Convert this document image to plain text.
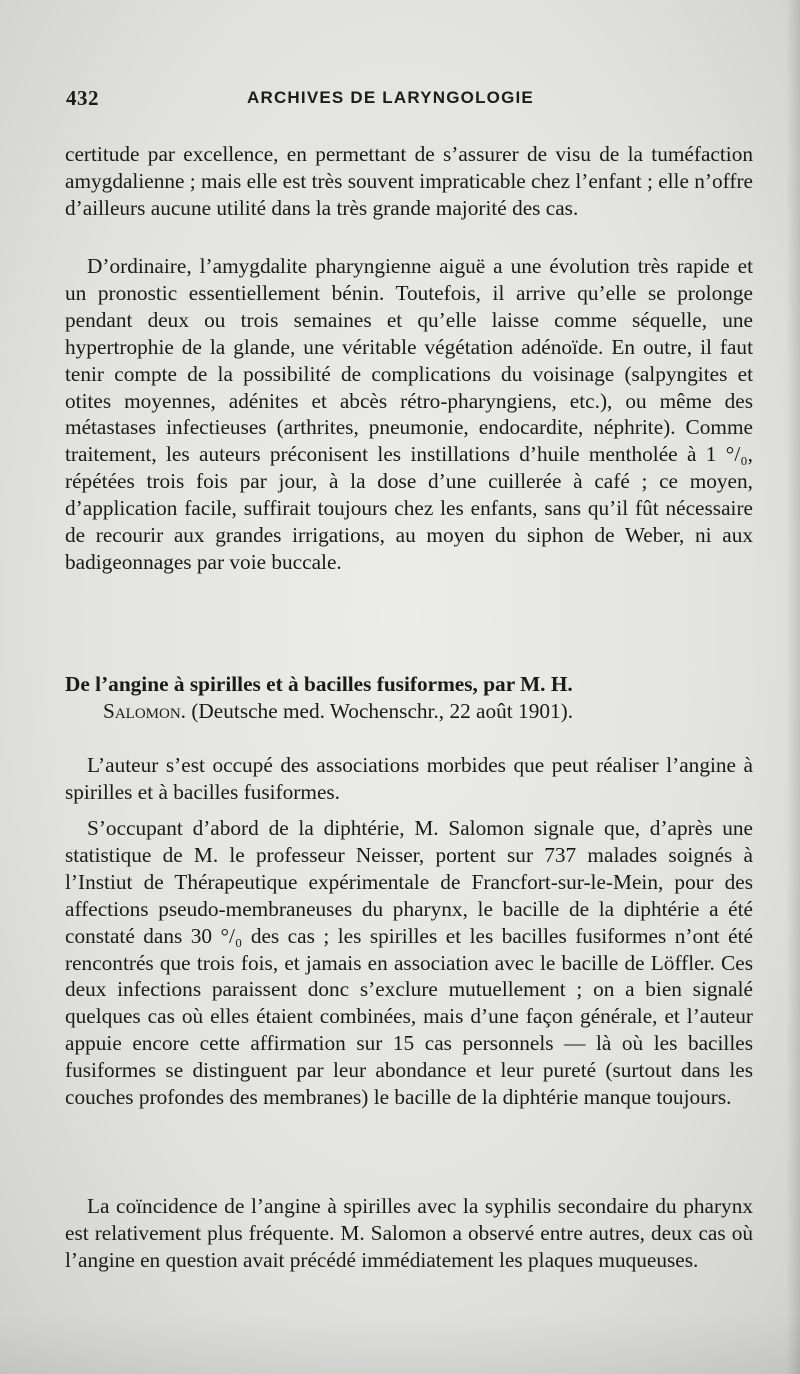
432	ARCHIVES DE LARYNGOLOGIE

certitude par excellence, en permettant de s’assurer de visu de la tuméfaction amygdalienne ; mais elle est très souvent impraticable chez l’enfant ; elle n’offre d’ailleurs aucune utilité dans la très grande majorité des cas.

D’ordinaire, l’amygdalite pharyngienne aiguë a une évolution très rapide et un pronostic essentiellement bénin. Toutefois, il arrive qu’elle se prolonge pendant deux ou trois semaines et qu’elle laisse comme séquelle, une hypertrophie de la glande, une véritable végétation adénoïde. En outre, il faut tenir compte de la possibilité de complications du voisinage (salpyngites et otites moyennes, adénites et abcès rétro-pharyngiens, etc.), ou même des métastases infectieuses (arthrites, pneumonie, endocardite, néphrite). Comme traitement, les auteurs préconisent les instillations d’huile mentholée à 1 °/₀, répétées trois fois par jour, à la dose d’une cuillerée à café ; ce moyen, d’application facile, suffirait toujours chez les enfants, sans qu’il fût nécessaire de recourir aux grandes irrigations, au moyen du siphon de Weber, ni aux badigeonnages par voie buccale.

De l’angine à spirilles et à bacilles fusiformes, par M. H.

Salomon. (Deutsche med. Wochenschr., 22 août 1901).

L’auteur s’est occupé des associations morbides que peut réaliser l’angine à spirilles et à bacilles fusiformes.

S’occupant d’abord de la diphtérie, M. Salomon signale que, d’après une statistique de M. le professeur Neisser, portent sur 737 malades soignés à l’Instiut de Thérapeutique expérimentale de Francfort-sur-le-Mein, pour des affections pseudo-membraneuses du pharynx, le bacille de la diphtérie a été constaté dans 30 °/₀ des cas ; les spirilles et les bacilles fusiformes n’ont été rencontrés que trois fois, et jamais en association avec le bacille de Löffler. Ces deux infections paraissent donc s’exclure mutuellement ; on a bien signalé quelques cas où elles étaient combinées, mais d’une façon générale, et l’auteur appuie encore cette affirmation sur 15 cas personnels — là où les bacilles fusiformes se distinguent par leur abondance et leur pureté (surtout dans les couches profondes des membranes) le bacille de la diphtérie manque toujours.

La coïncidence de l’angine à spirilles avec la syphilis secondaire du pharynx est relativement plus fréquente. M. Salomon a observé entre autres, deux cas où l’angine en question avait précédé immédiatement les plaques muqueuses.
